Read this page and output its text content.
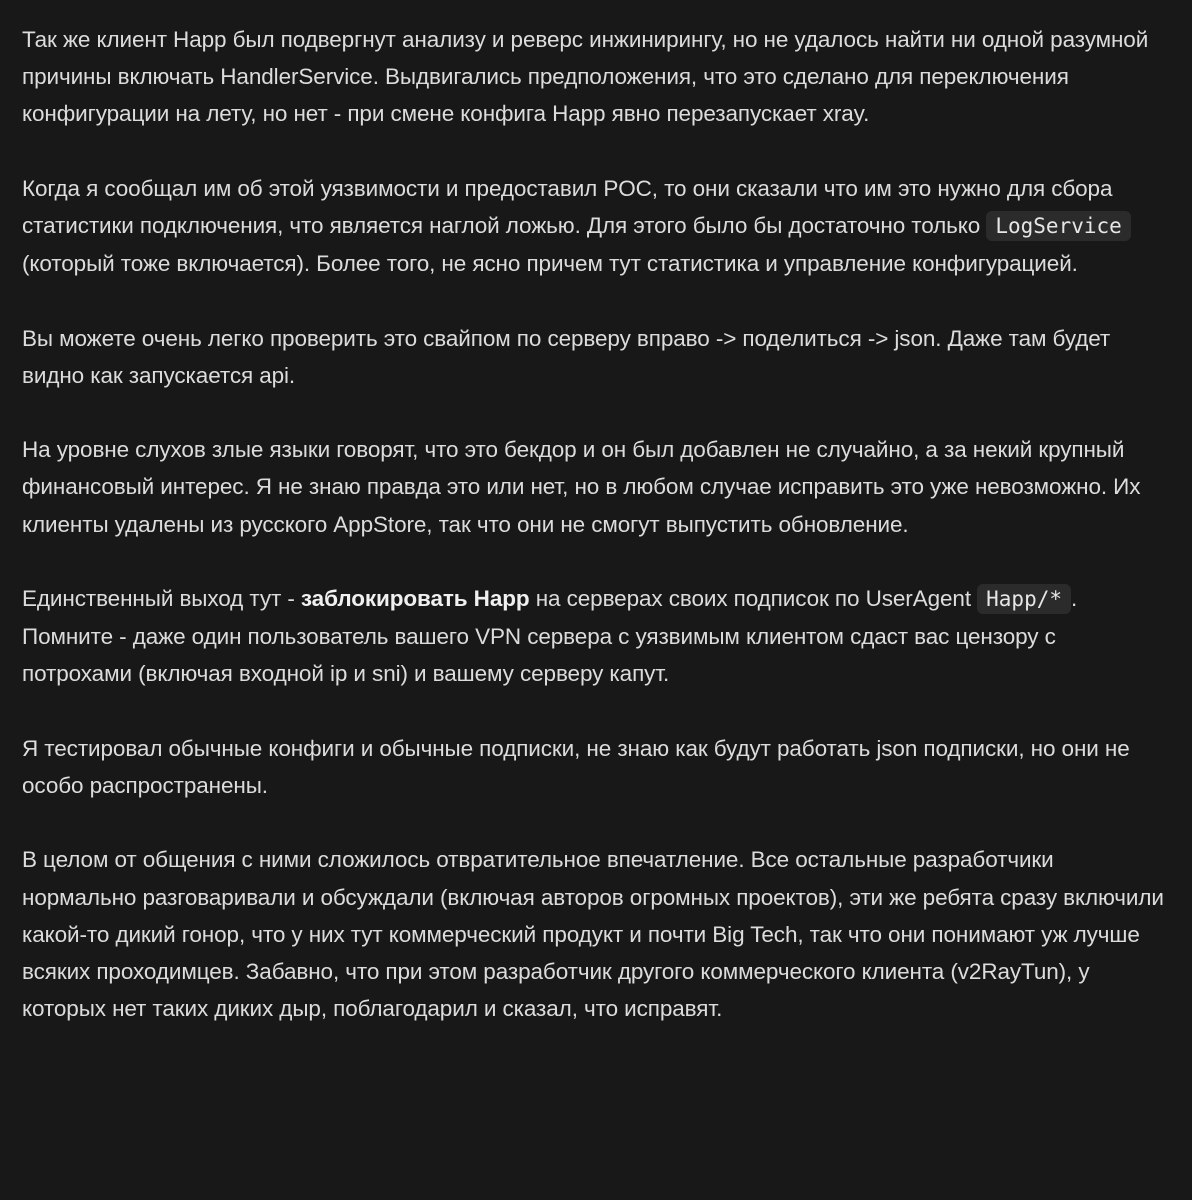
Так же клиент Happ был подвергнут анализу и реверс инжинирингу, но не удалось найти ни одной разумной причины включать HandlerService. Выдвигались предположения, что это сделано для переключения конфигурации на лету, но нет - при смене конфига Happ явно перезапускает xray.

Когда я сообщал им об этой уязвимости и предоставил POC, то они сказали что им это нужно для сбора статистики подключения, что является наглой ложью. Для этого было бы достаточно только LogService (который тоже включается). Более того, не ясно причем тут статистика и управление конфигурацией.

Вы можете очень легко проверить это свайпом по серверу вправо -> поделиться -> json. Даже там будет видно как запускается api.

На уровне слухов злые языки говорят, что это бекдор и он был добавлен не случайно, а за некий крупный финансовый интерес. Я не знаю правда это или нет, но в любом случае исправить это уже невозможно. Их клиенты удалены из русского AppStore, так что они не смогут выпустить обновление.

Единственный выход тут - заблокировать Happ на серверах своих подписок по UserAgent Happ/* . Помните - даже один пользователь вашего VPN сервера с уязвимым клиентом сдаст вас цензору с потрохами (включая входной ip и sni) и вашему серверу капут.

Я тестировал обычные конфиги и обычные подписки, не знаю как будут работать json подписки, но они не особо распространены.

В целом от общения с ними сложилось отвратительное впечатление. Все остальные разработчики нормально разговаривали и обсуждали (включая авторов огромных проектов), эти же ребята сразу включили какой-то дикий гонор, что у них тут коммерческий продукт и почти Big Tech, так что они понимают уж лучше всяких проходимцев. Забавно, что при этом разработчик другого коммерческого клиента (v2RayTun), у которых нет таких диких дыр, поблагодарил и сказал, что исправят.
